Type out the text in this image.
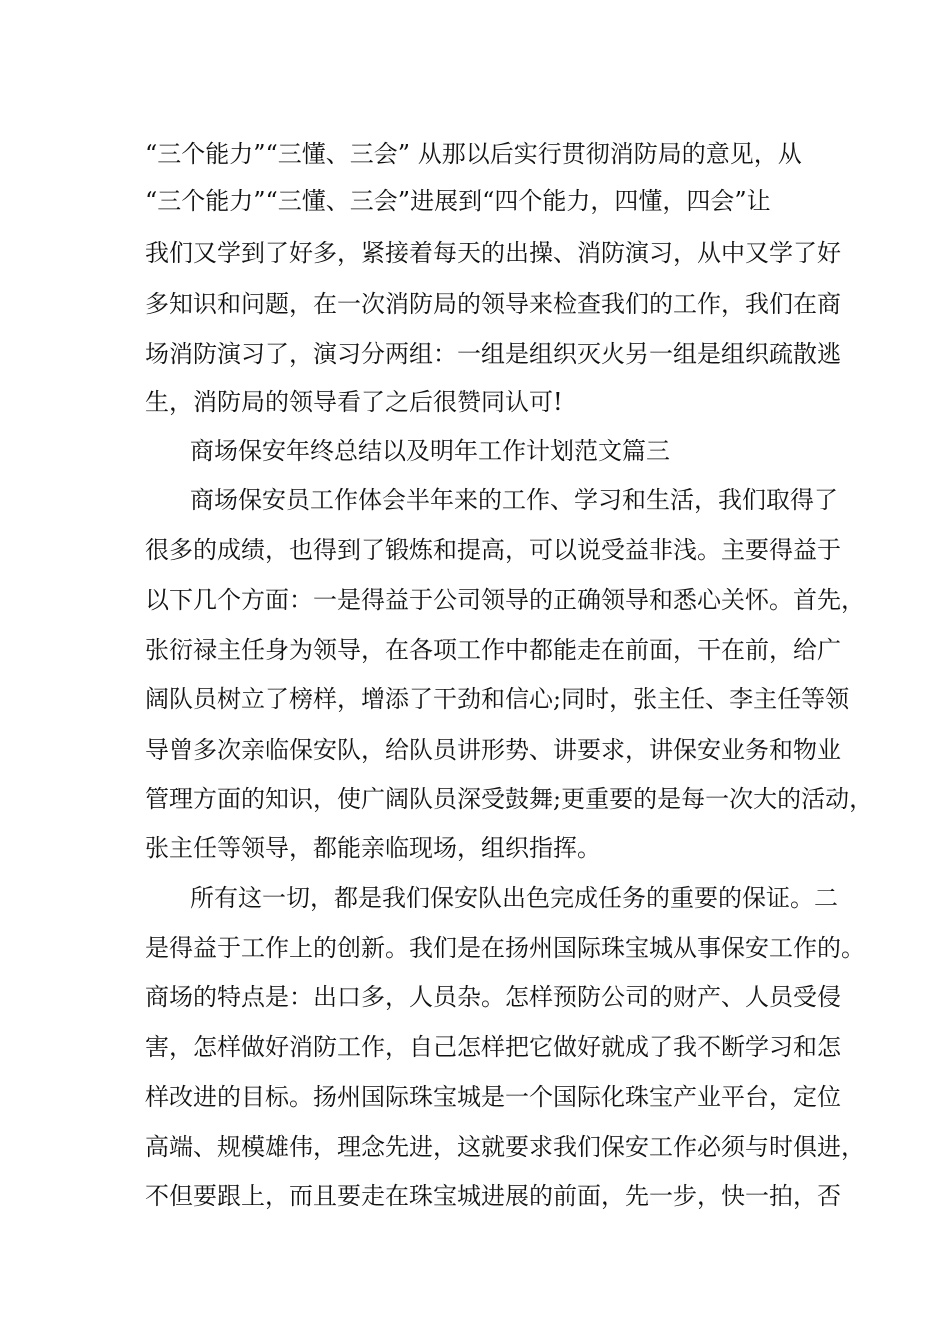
“三个能力”“三懂、三会” 从那以后实行贯彻消防局的意见，从
“三个能力”“三懂、三会”进展到“四个能力，四懂，四会”让
我们又学到了好多，紧接着每天的出操、消防演习，从中又学了好
多知识和问题，在一次消防局的领导来检查我们的工作，我们在商
场消防演习了，演习分两组：一组是组织灭火另一组是组织疏散逃
生，消防局的领导看了之后很赞同认可!
商场保安年终总结以及明年工作计划范文篇三
商场保安员工作体会半年来的工作、学习和生活，我们取得了
很多的成绩，也得到了锻炼和提高，可以说受益非浅。主要得益于
以下几个方面：一是得益于公司领导的正确领导和悉心关怀。首先，
张衍禄主任身为领导，在各项工作中都能走在前面，干在前，给广
阔队员树立了榜样，增添了干劲和信心;同时，张主任、李主任等领
导曾多次亲临保安队，给队员讲形势、讲要求，讲保安业务和物业
管理方面的知识，使广阔队员深受鼓舞;更重要的是每一次大的活动，
张主任等领导，都能亲临现场，组织指挥。
所有这一切，都是我们保安队出色完成任务的重要的保证。二
是得益于工作上的创新。我们是在扬州国际珠宝城从事保安工作的。
商场的特点是：出口多，人员杂。怎样预防公司的财产、人员受侵
害，怎样做好消防工作，自己怎样把它做好就成了我不断学习和怎
样改进的目标。扬州国际珠宝城是一个国际化珠宝产业平台，定位
高端、规模雄伟，理念先进，这就要求我们保安工作必须与时俱进，
不但要跟上，而且要走在珠宝城进展的前面，先一步，快一拍，否
